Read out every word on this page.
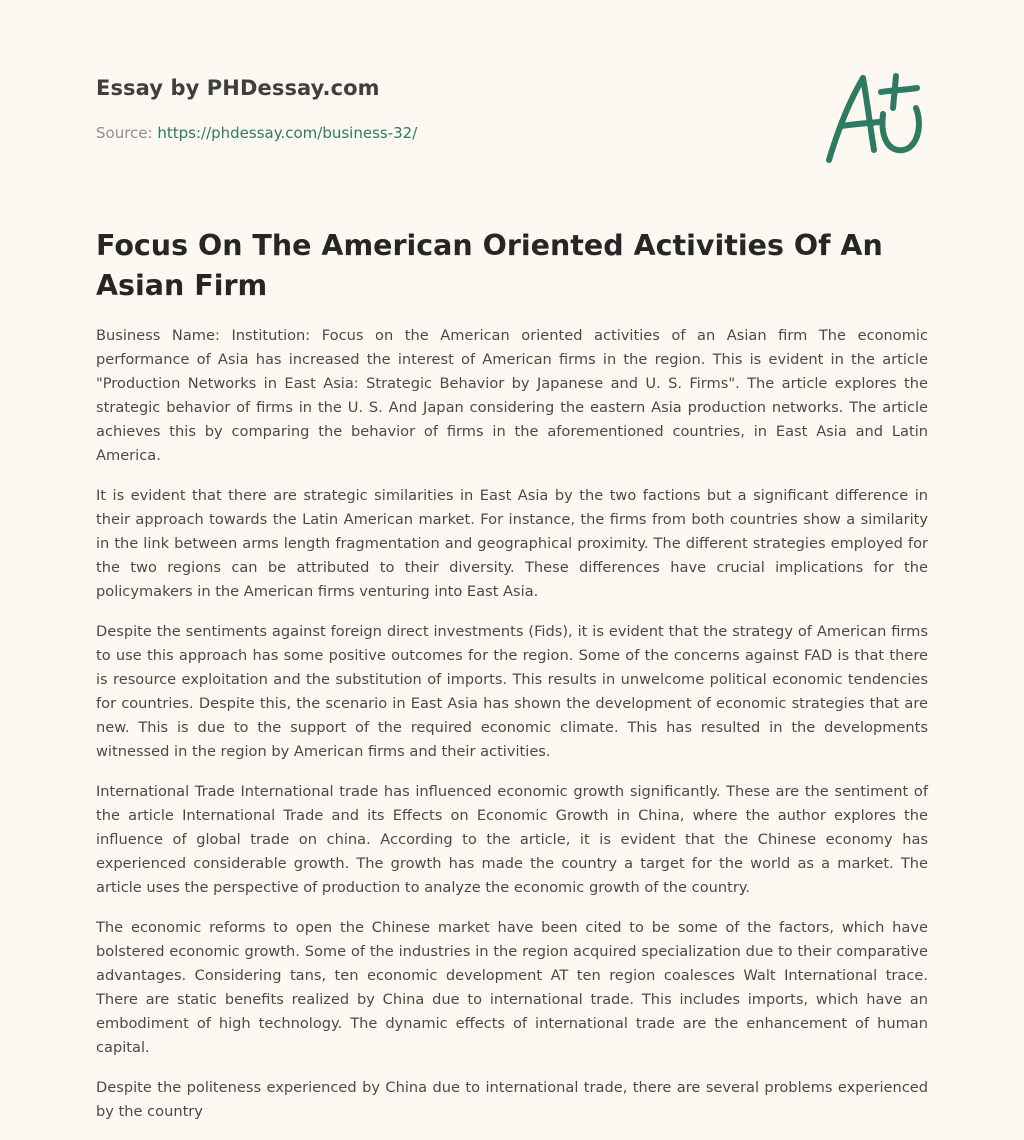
Essay by PHDessay.com
Source: https://phdessay.com/business-32/
Focus On The American Oriented Activities Of An Asian Firm

Business Name: Institution: Focus on the American oriented activities of an Asian firm The economic performance of Asia has increased the interest of American firms in the region. This is evident in the article "Production Networks in East Asia: Strategic Behavior by Japanese and U. S. Firms". The article explores the strategic behavior of firms in the U. S. And Japan considering the eastern Asia production networks. The article achieves this by comparing the behavior of firms in the aforementioned countries, in East Asia and Latin America.

It is evident that there are strategic similarities in East Asia by the two factions but a significant difference in their approach towards the Latin American market. For instance, the firms from both countries show a similarity in the link between arms length fragmentation and geographical proximity. The different strategies employed for the two regions can be attributed to their diversity. These differences have crucial implications for the policymakers in the American firms venturing into East Asia.

Despite the sentiments against foreign direct investments (Fids), it is evident that the strategy of American firms to use this approach has some positive outcomes for the region. Some of the concerns against FAD is that there is resource exploitation and the substitution of imports. This results in unwelcome political economic tendencies for countries. Despite this, the scenario in East Asia has shown the development of economic strategies that are new. This is due to the support of the required economic climate. This has resulted in the developments witnessed in the region by American firms and their activities.

International Trade International trade has influenced economic growth significantly. These are the sentiment of the article International Trade and its Effects on Economic Growth in China, where the author explores the influence of global trade on china. According to the article, it is evident that the Chinese economy has experienced considerable growth. The growth has made the country a target for the world as a market. The article uses the perspective of production to analyze the economic growth of the country.

The economic reforms to open the Chinese market have been cited to be some of the factors, which have bolstered economic growth. Some of the industries in the region acquired specialization due to their comparative advantages. Considering tans, ten economic development AT ten region coalesces Walt International trace. There are static benefits realized by China due to international trade. This includes imports, which have an embodiment of high technology. The dynamic effects of international trade are the enhancement of human capital.

Despite the politeness experienced by China due to international trade, there are several problems experienced by the country
